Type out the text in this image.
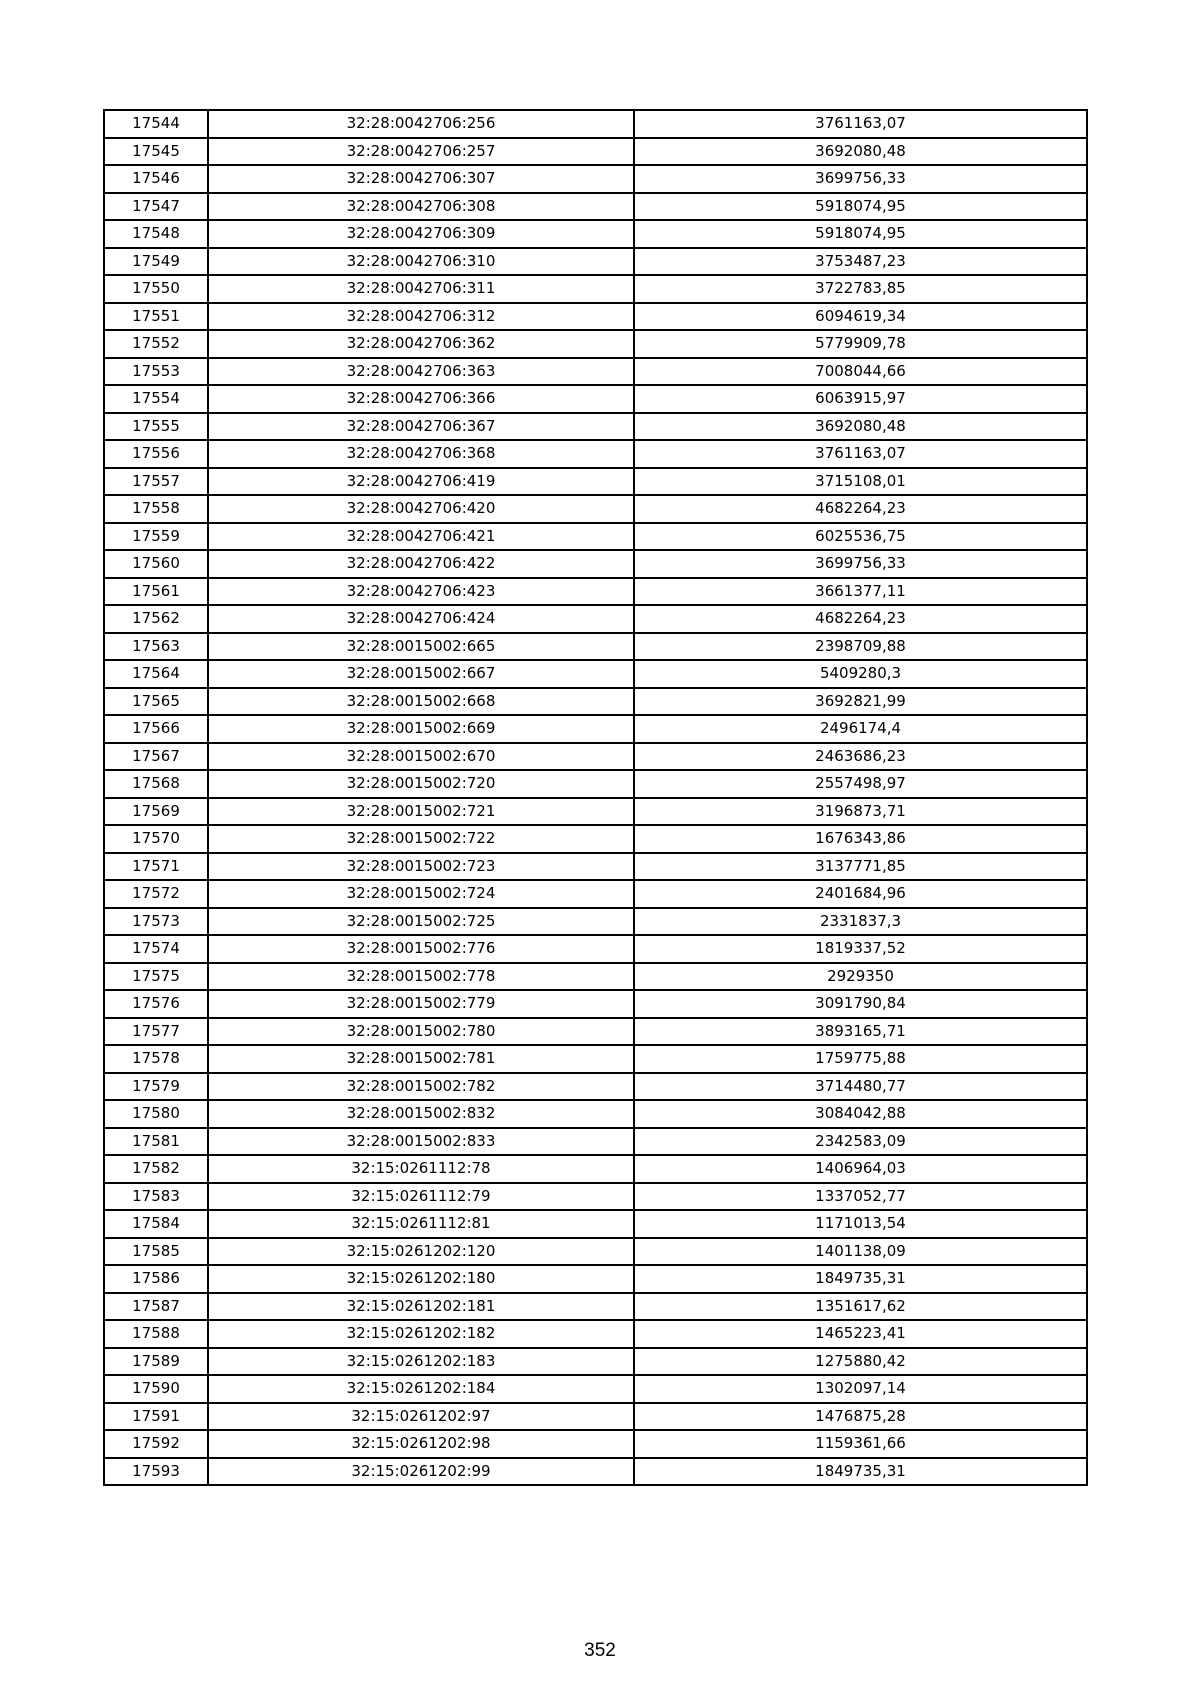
17544	32:28:0042706:256	3761163,07
17545	32:28:0042706:257	3692080,48
17546	32:28:0042706:307	3699756,33
17547	32:28:0042706:308	5918074,95
17548	32:28:0042706:309	5918074,95
17549	32:28:0042706:310	3753487,23
17550	32:28:0042706:311	3722783,85
17551	32:28:0042706:312	6094619,34
17552	32:28:0042706:362	5779909,78
17553	32:28:0042706:363	7008044,66
17554	32:28:0042706:366	6063915,97
17555	32:28:0042706:367	3692080,48
17556	32:28:0042706:368	3761163,07
17557	32:28:0042706:419	3715108,01
17558	32:28:0042706:420	4682264,23
17559	32:28:0042706:421	6025536,75
17560	32:28:0042706:422	3699756,33
17561	32:28:0042706:423	3661377,11
17562	32:28:0042706:424	4682264,23
17563	32:28:0015002:665	2398709,88
17564	32:28:0015002:667	5409280,3
17565	32:28:0015002:668	3692821,99
17566	32:28:0015002:669	2496174,4
17567	32:28:0015002:670	2463686,23
17568	32:28:0015002:720	2557498,97
17569	32:28:0015002:721	3196873,71
17570	32:28:0015002:722	1676343,86
17571	32:28:0015002:723	3137771,85
17572	32:28:0015002:724	2401684,96
17573	32:28:0015002:725	2331837,3
17574	32:28:0015002:776	1819337,52
17575	32:28:0015002:778	2929350
17576	32:28:0015002:779	3091790,84
17577	32:28:0015002:780	3893165,71
17578	32:28:0015002:781	1759775,88
17579	32:28:0015002:782	3714480,77
17580	32:28:0015002:832	3084042,88
17581	32:28:0015002:833	2342583,09
17582	32:15:0261112:78	1406964,03
17583	32:15:0261112:79	1337052,77
17584	32:15:0261112:81	1171013,54
17585	32:15:0261202:120	1401138,09
17586	32:15:0261202:180	1849735,31
17587	32:15:0261202:181	1351617,62
17588	32:15:0261202:182	1465223,41
17589	32:15:0261202:183	1275880,42
17590	32:15:0261202:184	1302097,14
17591	32:15:0261202:97	1476875,28
17592	32:15:0261202:98	1159361,66
17593	32:15:0261202:99	1849735,31
352
